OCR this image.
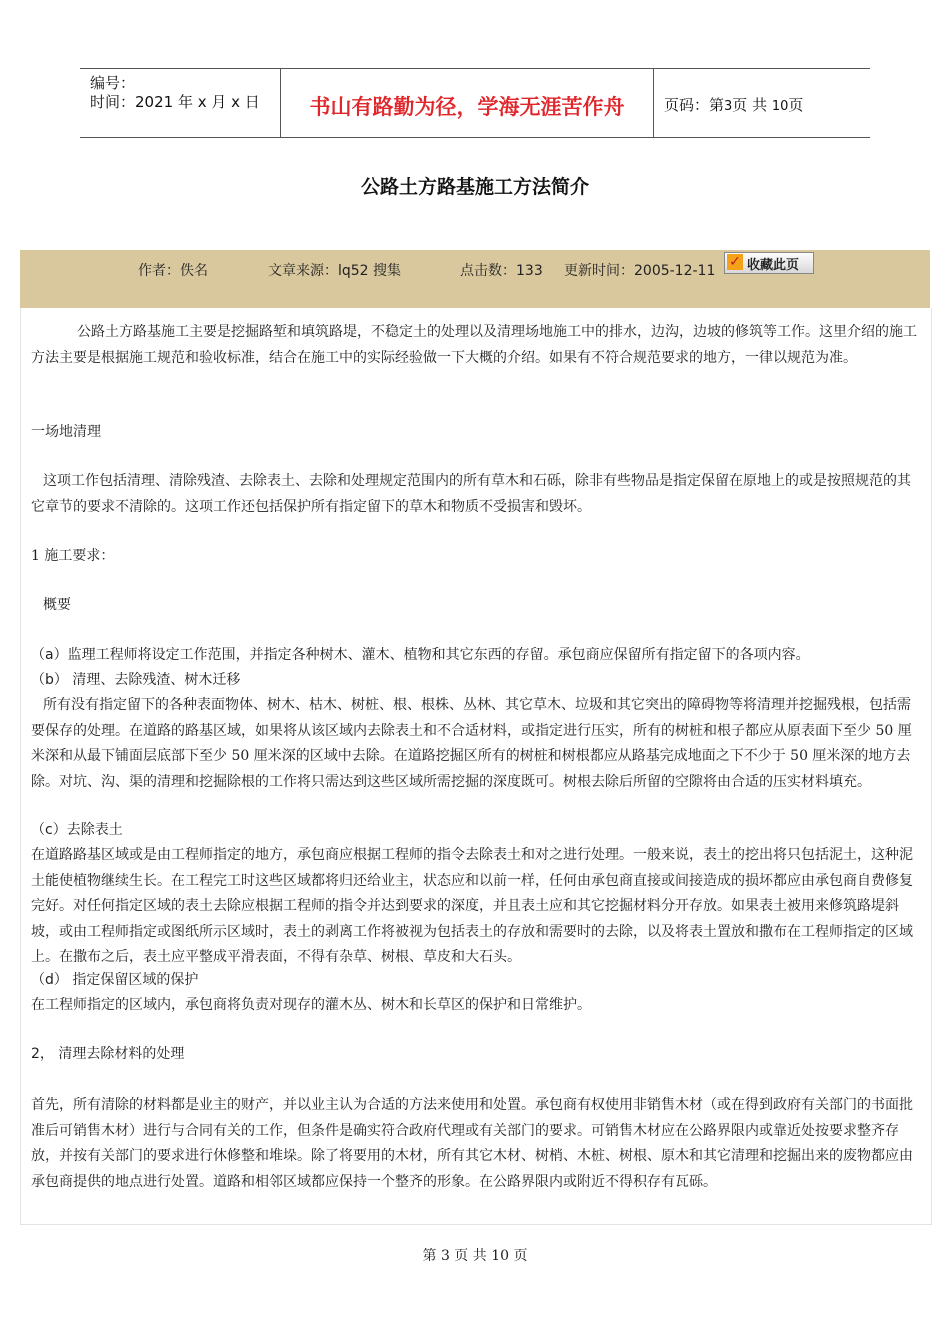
编号：
时间：2021 年 x 月 x 日	书山有路勤为径，学海无涯苦作舟	页码：第3页 共 10页
公路土方路基施工方法简介
作者：佚名	文章来源：lq52 搜集	点击数：133 更新时间：2005-12-11
✓ 收藏此页
公路土方路基施工主要是挖掘路堑和填筑路堤，不稳定土的处理以及清理场地施工中的排水，边沟，边坡的修筑等工作。这里介绍的施工方法主要是根据施工规范和验收标准，结合在施工中的实际经验做一下大概的介绍。如果有不符合规范要求的地方，一律以规范为准。
一场地清理
这项工作包括清理、清除残渣、去除表土、去除和处理规定范围内的所有草木和石砾，除非有些物品是指定保留在原地上的或是按照规范的其它章节的要求不清除的。这项工作还包括保护所有指定留下的草木和物质不受损害和毁坏。
1 施工要求：
概要
（a）监理工程师将设定工作范围，并指定各种树木、灌木、植物和其它东西的存留。承包商应保留所有指定留下的各项内容。
（b） 清理、去除残渣、树木迁移
所有没有指定留下的各种表面物体、树木、枯木、树桩、根、根株、丛林、其它草木、垃圾和其它突出的障碍物等将清理并挖掘残根，包括需要保存的处理。在道路的路基区域，如果将从该区域内去除表土和不合适材料，或指定进行压实，所有的树桩和根子都应从原表面下至少 50 厘米深和从最下铺面层底部下至少 50 厘米深的区域中去除。在道路挖掘区所有的树桩和树根都应从路基完成地面之下不少于 50 厘米深的地方去除。对坑、沟、渠的清理和挖掘除根的工作将只需达到这些区域所需挖掘的深度既可。树根去除后所留的空隙将由合适的压实材料填充。
（c）去除表土
在道路路基区域或是由工程师指定的地方，承包商应根据工程师的指令去除表土和对之进行处理。一般来说，表土的挖出将只包括泥土，这种泥土能使植物继续生长。在工程完工时这些区域都将归还给业主，状态应和以前一样，任何由承包商直接或间接造成的损坏都应由承包商自费修复完好。对任何指定区域的表土去除应根据工程师的指令并达到要求的深度，并且表土应和其它挖掘材料分开存放。如果表土被用来修筑路堤斜坡，或由工程师指定或图纸所示区域时，表土的剥离工作将被视为包括表土的存放和需要时的去除，以及将表土置放和撒布在工程师指定的区域上。在撒布之后，表土应平整成平滑表面，不得有杂草、树根、草皮和大石头。
（d） 指定保留区域的保护
在工程师指定的区域内，承包商将负责对现存的灌木丛、树木和长草区的保护和日常维护。
2， 清理去除材料的处理
首先，所有清除的材料都是业主的财产，并以业主认为合适的方法来使用和处置。承包商有权使用非销售木材（或在得到政府有关部门的书面批准后可销售木材）进行与合同有关的工作，但条件是确实符合政府代理或有关部门的要求。可销售木材应在公路界限内或靠近处按要求整齐存放，并按有关部门的要求进行休修整和堆垛。除了将要用的木材，所有其它木材、树梢、木桩、树根、原木和其它清理和挖掘出来的废物都应由承包商提供的地点进行处置。道路和相邻区域都应保持一个整齐的形象。在公路界限内或附近不得积存有瓦砾。
第 3 页 共 10 页
